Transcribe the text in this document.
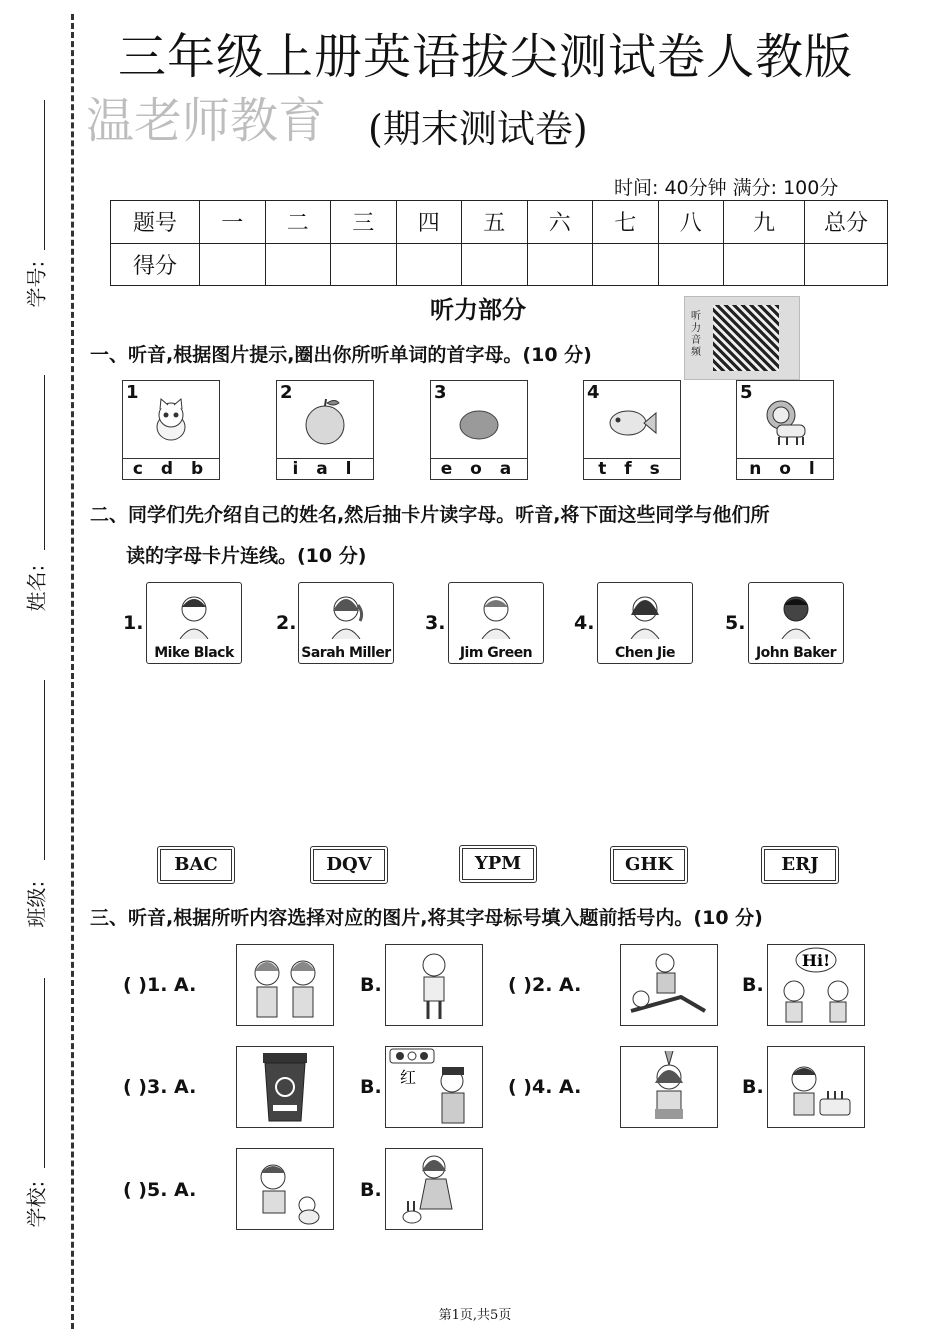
学号:
姓名:
班级:
学校:
三年级上册英语拔尖测试卷人教版
温老师教育 (期末测试卷)
时间: 40分钟 满分: 100分
题号	一	二	三	四	五	六	七	八	九	总分
得分										
听力部分	听力音频
一、听音,根据图片提示,圈出你所听单词的首字母。(10 分)
1
c d b
2
i a l
3
e o a
4
t f s
5
n o l
二、同学们先介绍自己的姓名,然后抽卡片读字母。听音,将下面这些同学与他们所
读的字母卡片连线。(10 分)
1.
Mike Black
2.
Sarah Miller
3.
Jim Green
4.
Chen Jie
5.
John Baker
BAC	DQV	YPM	GHK	ERJ
三、听音,根据所听内容选择对应的图片,将其字母标号填入题前括号内。(10 分)
( )1. A.	B.	( )2. A.	B.
Hi!
( )3. A.	B. 红	( )4. A.	B.
( )5. A.	B.
第1页,共5页
